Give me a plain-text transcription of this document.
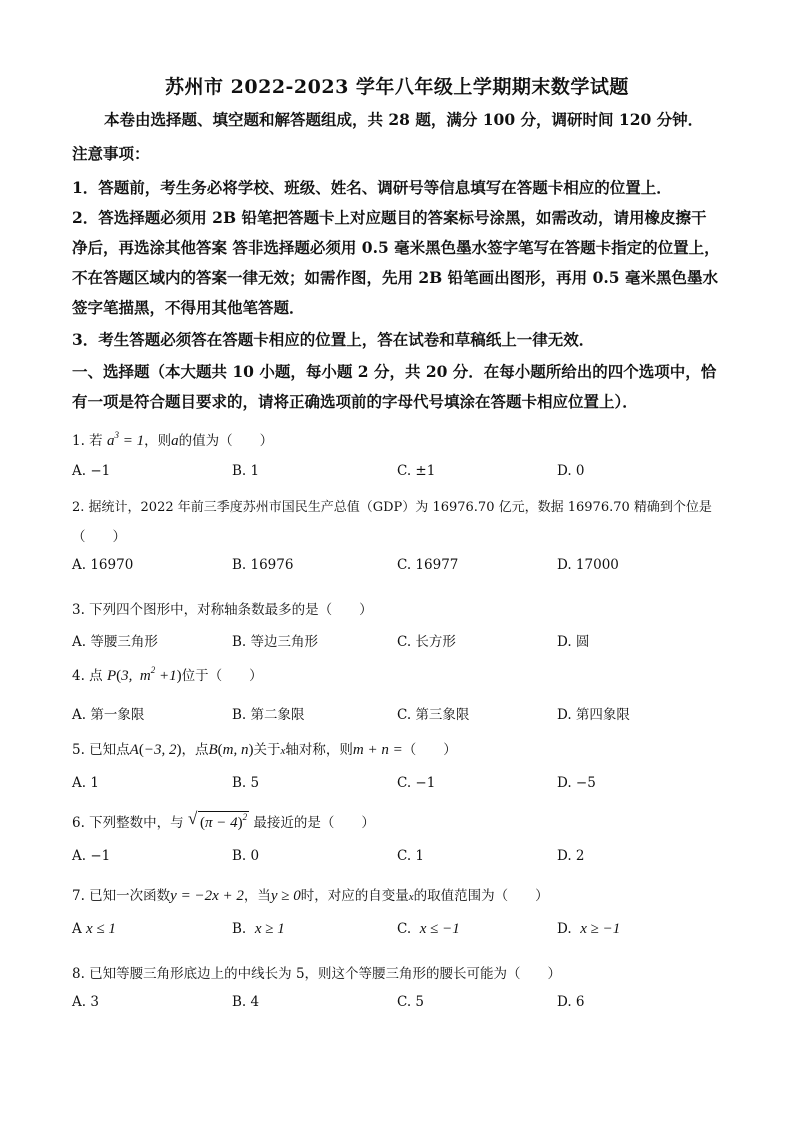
苏州市 2022-2023 学年八年级上学期期末数学试题
本卷由选择题、填空题和解答题组成，共 28 题，满分 100 分，调研时间 120 分钟．
注意事项：
1．答题前，考生务必将学校、班级、姓名、调研号等信息填写在答题卡相应的位置上．
2．答选择题必须用 2B 铅笔把答题卡上对应题目的答案标号涂黑，如需改动，请用橡皮擦干
净后，再选涂其他答案 答非选择题必须用 0.5 毫米黑色墨水签字笔写在答题卡指定的位置上，
不在答题区域内的答案一律无效；如需作图，先用 2B 铅笔画出图形，再用 0.5 毫米黑色墨水
签字笔描黑，不得用其他笔答题．
3．考生答题必须答在答题卡相应的位置上，答在试卷和草稿纸上一律无效．
一、选择题（本大题共 10 小题，每小题 2 分，共 20 分．在每小题所给出的四个选项中，恰
有一项是符合题目要求的，请将正确选项前的字母代号填涂在答题卡相应位置上）．
1. 若 $a^3 = 1$，则a的值为（　　）
A. −1	B. 1	C. ±1	D. 0
2. 据统计，2022 年前三季度苏州市国民生产总值（GDP）为 16976.70 亿元，数据 16976.70 精确到个位是
（　　）
A. 16970	B. 16976	C. 16977	D. 17000
3. 下列四个图形中，对称轴条数最多的是（　　）
A. 等腰三角形	B. 等边三角形	C. 长方形	D. 圆
4. 点 P(3,  $m^2 +1$)位于（　　）
A. 第一象限	B. 第二象限	C. 第三象限	D. 第四象限
5. 已知点A(−3, 2)，点B(m, n)关于x轴对称，则m + n =（　　）
A. 1	B. 5	C. −1	D. −5
6. 下列整数中，与 √ $(\pi - 4)^2$ 最接近的是（　　）
A. −1	B. 0	C. 1	D. 2
7. 已知一次函数y = −2x + 2，当y ≥ 0时，对应的自变量x的取值范围为（　　）
A x ≤ 1	B. x ≥ 1	C. x ≤ −1	D. x ≥ −1
8. 已知等腰三角形底边上的中线长为 5，则这个等腰三角形的腰长可能为（　　）
A. 3	B. 4	C. 5	D. 6
